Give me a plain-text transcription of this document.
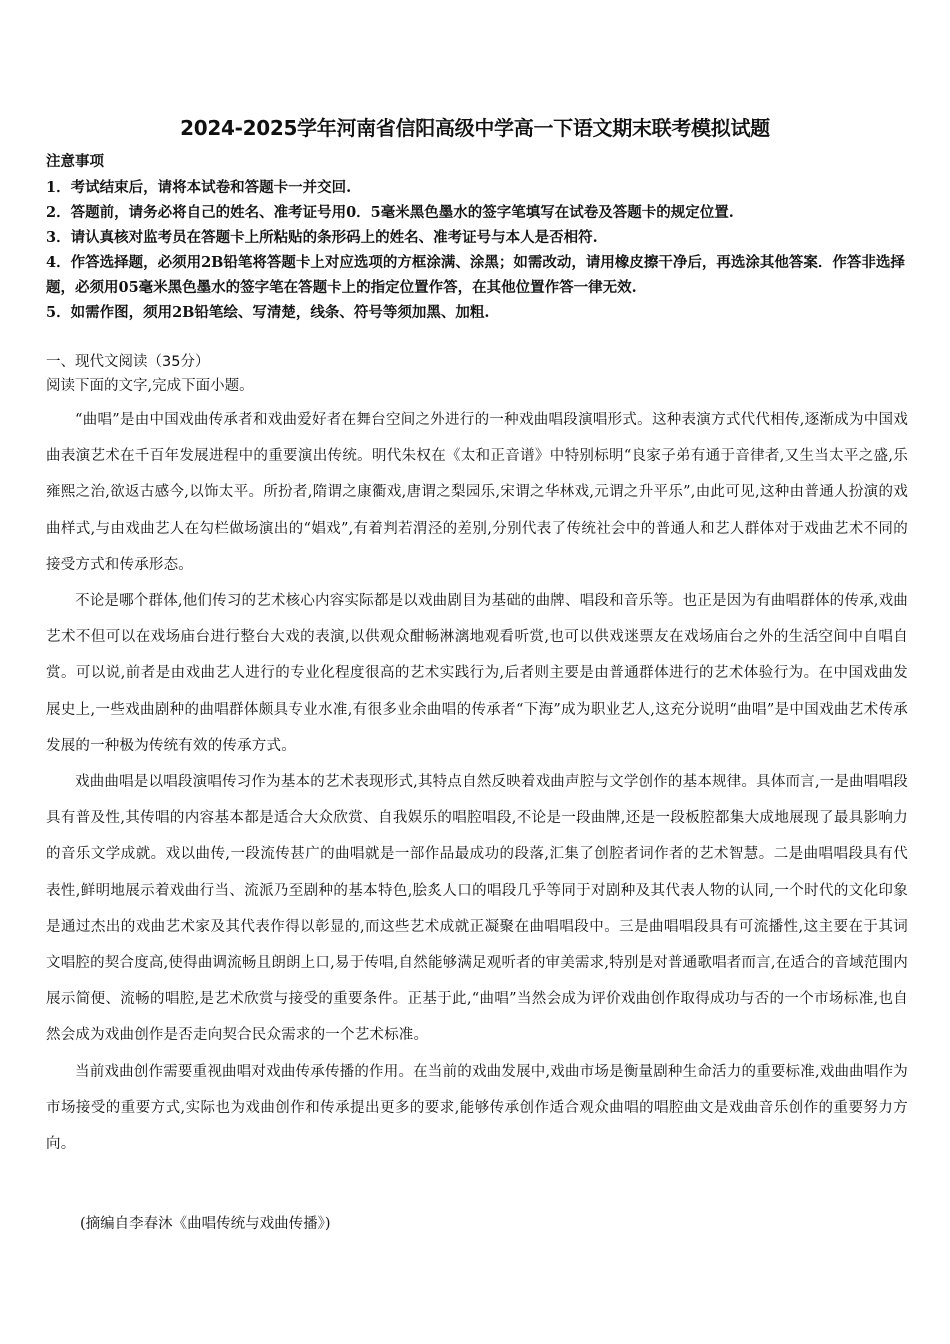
2024-2025学年河南省信阳高级中学高一下语文期末联考模拟试题
注意事项
1．考试结束后，请将本试卷和答题卡一并交回.
2．答题前，请务必将自己的姓名、准考证号用0．5毫米黑色墨水的签字笔填写在试卷及答题卡的规定位置.
3．请认真核对监考员在答题卡上所粘贴的条形码上的姓名、准考证号与本人是否相符.
4．作答选择题，必须用2B铅笔将答题卡上对应选项的方框涂满、涂黑；如需改动，请用橡皮擦干净后，再选涂其他答案．作答非选择题，必须用05毫米黑色墨水的签字笔在答题卡上的指定位置作答，在其他位置作答一律无效.
5．如需作图，须用2B铅笔绘、写清楚，线条、符号等须加黑、加粗.
一、现代文阅读（35分）
阅读下面的文字,完成下面小题。

“曲唱”是由中国戏曲传承者和戏曲爱好者在舞台空间之外进行的一种戏曲唱段演唱形式。这种表演方式代代相传,逐渐成为中国戏曲表演艺术在千百年发展进程中的重要演出传统。明代朱权在《太和正音谱》中特别标明“良家子弟有通于音律者,又生当太平之盛,乐雍熙之治,欲返古感今,以饰太平。所扮者,隋谓之康衢戏,唐谓之梨园乐,宋谓之华林戏,元谓之升平乐”,由此可见,这种由普通人扮演的戏曲样式,与由戏曲艺人在勾栏做场演出的“娼戏”,有着判若渭泾的差别,分别代表了传统社会中的普通人和艺人群体对于戏曲艺术不同的接受方式和传承形态。

不论是哪个群体,他们传习的艺术核心内容实际都是以戏曲剧目为基础的曲牌、唱段和音乐等。也正是因为有曲唱群体的传承,戏曲艺术不但可以在戏场庙台进行整台大戏的表演,以供观众酣畅淋漓地观看听赏,也可以供戏迷票友在戏场庙台之外的生活空间中自唱自赏。可以说,前者是由戏曲艺人进行的专业化程度很高的艺术实践行为,后者则主要是由普通群体进行的艺术体验行为。在中国戏曲发展史上,一些戏曲剧种的曲唱群体颇具专业水准,有很多业余曲唱的传承者“下海”成为职业艺人,这充分说明“曲唱”是中国戏曲艺术传承发展的一种极为传统有效的传承方式。

戏曲曲唱是以唱段演唱传习作为基本的艺术表现形式,其特点自然反映着戏曲声腔与文学创作的基本规律。具体而言,一是曲唱唱段具有普及性,其传唱的内容基本都是适合大众欣赏、自我娱乐的唱腔唱段,不论是一段曲牌,还是一段板腔都集大成地展现了最具影响力的音乐文学成就。戏以曲传,一段流传甚广的曲唱就是一部作品最成功的段落,汇集了创腔者词作者的艺术智慧。二是曲唱唱段具有代表性,鲜明地展示着戏曲行当、流派乃至剧种的基本特色,脍炙人口的唱段几乎等同于对剧种及其代表人物的认同,一个时代的文化印象是通过杰出的戏曲艺术家及其代表作得以彰显的,而这些艺术成就正凝聚在曲唱唱段中。三是曲唱唱段具有可流播性,这主要在于其词文唱腔的契合度高,使得曲调流畅且朗朗上口,易于传唱,自然能够满足观听者的审美需求,特别是对普通歌唱者而言,在适合的音域范围内展示简便、流畅的唱腔,是艺术欣赏与接受的重要条件。正基于此,“曲唱”当然会成为评价戏曲创作取得成功与否的一个市场标准,也自然会成为戏曲创作是否走向契合民众需求的一个艺术标准。

当前戏曲创作需要重视曲唱对戏曲传承传播的作用。在当前的戏曲发展中,戏曲市场是衡量剧种生命活力的重要标准,戏曲曲唱作为市场接受的重要方式,实际也为戏曲创作和传承提出更多的要求,能够传承创作适合观众曲唱的唱腔曲文是戏曲音乐创作的重要努力方向。

(摘编自李春沐《曲唱传统与戏曲传播》)
